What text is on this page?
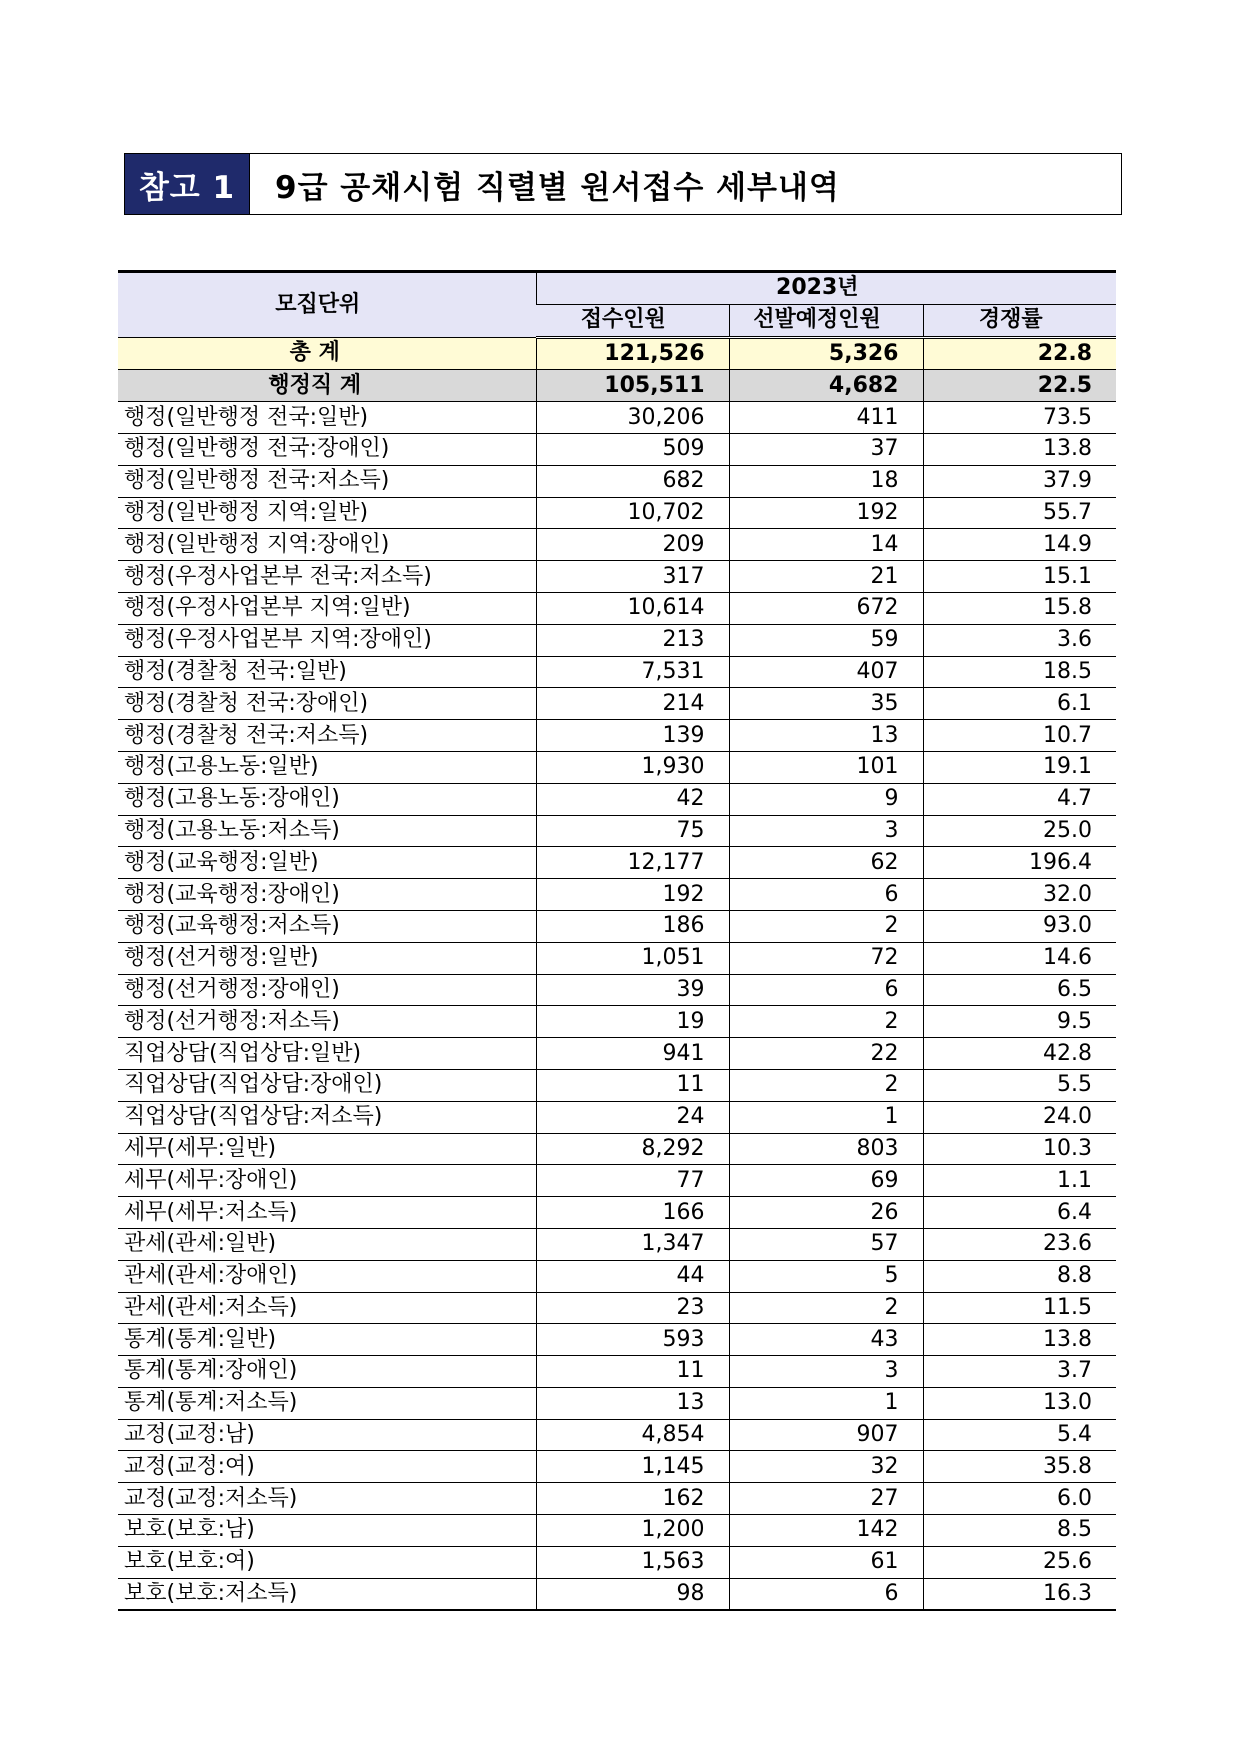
참고 1	9급 공채시험 직렬별 원서접수 세부내역
모집단위	2023년		
	접수인원	선발예정인원	경쟁률
총 계	121,526	5,326	22.8
행정직 계	105,511	4,682	22.5
행정(일반행정 전국:일반)	30,206	411	73.5
행정(일반행정 전국:장애인)	509	37	13.8
행정(일반행정 전국:저소득)	682	18	37.9
행정(일반행정 지역:일반)	10,702	192	55.7
행정(일반행정 지역:장애인)	209	14	14.9
행정(우정사업본부 전국:저소득)	317	21	15.1
행정(우정사업본부 지역:일반)	10,614	672	15.8
행정(우정사업본부 지역:장애인)	213	59	3.6
행정(경찰청 전국:일반)	7,531	407	18.5
행정(경찰청 전국:장애인)	214	35	6.1
행정(경찰청 전국:저소득)	139	13	10.7
행정(고용노동:일반)	1,930	101	19.1
행정(고용노동:장애인)	42	9	4.7
행정(고용노동:저소득)	75	3	25.0
행정(교육행정:일반)	12,177	62	196.4
행정(교육행정:장애인)	192	6	32.0
행정(교육행정:저소득)	186	2	93.0
행정(선거행정:일반)	1,051	72	14.6
행정(선거행정:장애인)	39	6	6.5
행정(선거행정:저소득)	19	2	9.5
직업상담(직업상담:일반)	941	22	42.8
직업상담(직업상담:장애인)	11	2	5.5
직업상담(직업상담:저소득)	24	1	24.0
세무(세무:일반)	8,292	803	10.3
세무(세무:장애인)	77	69	1.1
세무(세무:저소득)	166	26	6.4
관세(관세:일반)	1,347	57	23.6
관세(관세:장애인)	44	5	8.8
관세(관세:저소득)	23	2	11.5
통계(통계:일반)	593	43	13.8
통계(통계:장애인)	11	3	3.7
통계(통계:저소득)	13	1	13.0
교정(교정:남)	4,854	907	5.4
교정(교정:여)	1,145	32	35.8
교정(교정:저소득)	162	27	6.0
보호(보호:남)	1,200	142	8.5
보호(보호:여)	1,563	61	25.6
보호(보호:저소득)	98	6	16.3
